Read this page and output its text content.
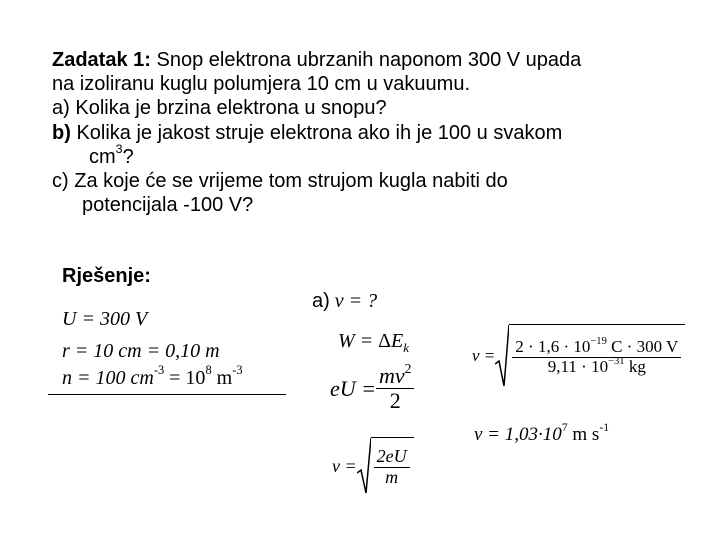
Zadatak 1: Snop elektrona ubrzanih naponom 300 V upada

na izoliranu kuglu polumjera 10 cm u vakuumu.

a) Kolika je brzina elektrona u snopu?

b) Kolika je jakost struje elektrona ako ih je 100 u svakom

$cm^3$?

c) Za koje će se vrijeme tom strujom kugla nabiti do

potencijala -100 V?

Rješenje:
U = 300 V
r = 10 cm = 0,10 m
n = 100 $cm^{-3} = 10^8$ $m^{-3}$
a) v = ?
$W = \Delta E_k$
eU = $\frac{mv^2}{2}$
$v = \frac{2eU}{m}$
$v = \frac{2 \cdot 1,6 \cdot 10^{-19} C \cdot 300 V}{9,11 \cdot 10^{-31} kg}$
$v = 1,03\cdot 10^7$ m $s^{-1}$
